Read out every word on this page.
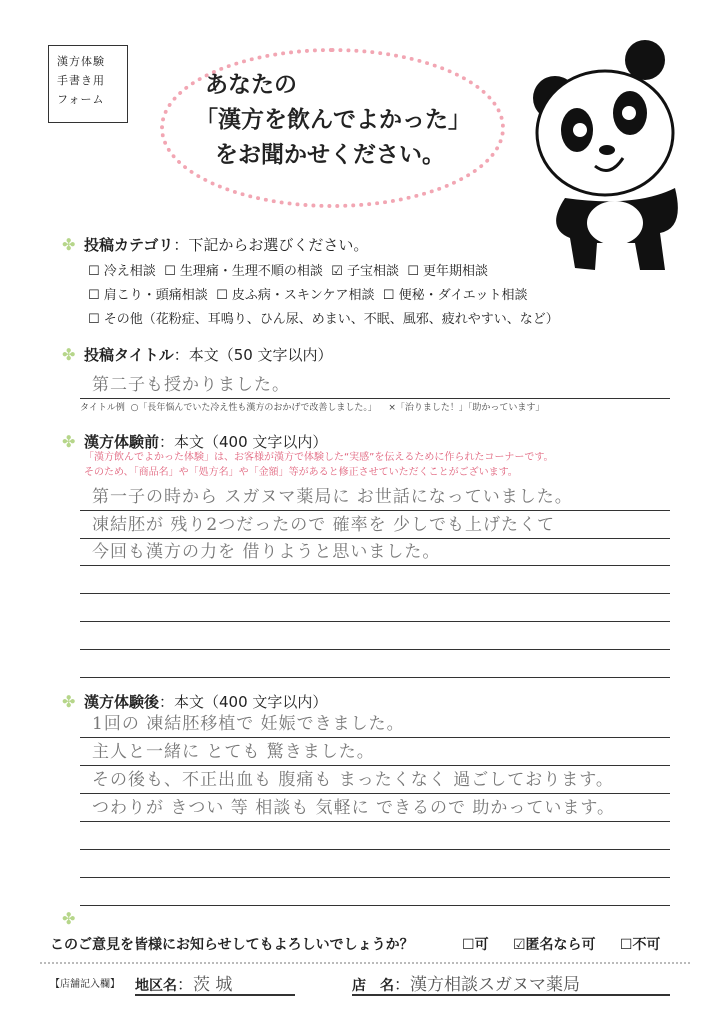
漢方体験
手書き用
フォーム
あなたの
「漢方を飲んでよかった」
をお聞かせください。
✤ 投稿カテゴリ：下記からお選びください。
☐ 冷え相談 ☐ 生理痛・生理不順の相談 ☑ 子宝相談 ☐ 更年期相談
☐ 肩こり・頭痛相談 ☐ 皮ふ病・スキンケア相談 ☐ 便秘・ダイエット相談
☐ その他（花粉症、耳鳴り、ひん尿、めまい、不眠、風邪、疲れやすい、など）
✤ 投稿タイトル：本文（50 文字以内）
第二子も授かりました。
タイトル例 ○「長年悩んでいた冷え性も漢方のおかげで改善しました。」 ×「治りました！」「助かっています」
✤ 漢方体験前：本文（400 文字以内）
「漢方飲んでよかった体験」は、お客様が漢方で体験した“実感”を伝えるために作られたコーナーです。
そのため、「商品名」や「処方名」や「金額」等があると修正させていただくことがございます。
第一子の時から スガヌマ薬局に お世話になっていました。
凍結胚が 残り2つだったので 確率を 少しでも上げたくて
今回も漢方の力を 借りようと思いました。
✤ 漢方体験後：本文（400 文字以内）
1回の 凍結胚移植で 妊娠できました。
主人と一緒に とても 驚きました。
その後も、不正出血も 腹痛も まったくなく 過ごしております。
つわりが きつい 等 相談も 気軽に できるので 助かっています。
✤
このご意見を皆様にお知らせしてもよろしいでしょうか？	☐可 ☑匿名なら可 ☐不可
【店舗記入欄】 地区名：茨 城	店　名：漢方相談スガヌマ薬局
